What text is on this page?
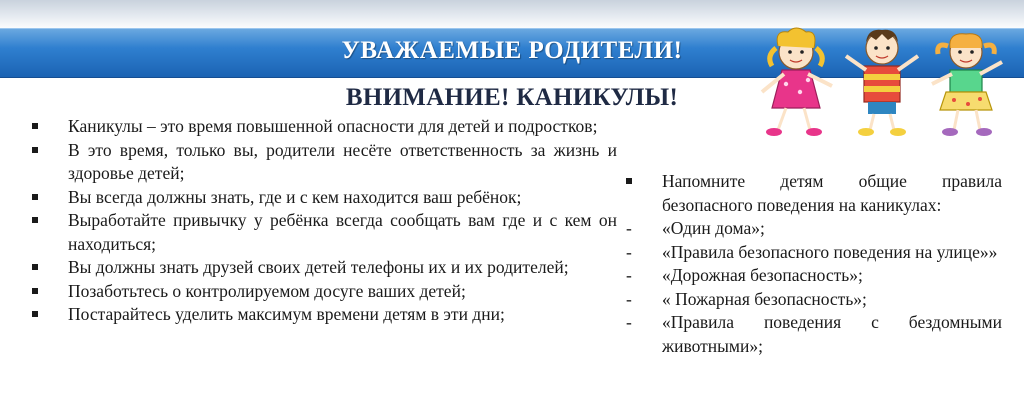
УВАЖАЕМЫЕ РОДИТЕЛИ!
ВНИМАНИЕ! КАНИКУЛЫ!
Каникулы – это время повышенной опасности для детей и подростков;
В это время, только вы, родители несёте ответственность за жизнь и здоровье детей;
Вы всегда должны знать, где и с кем находится ваш ребёнок;
Выработайте привычку у ребёнка всегда сообщать вам где и с кем он находиться;
Вы должны знать друзей своих детей телефоны их и их родителей;
Позаботьтесь о контролируемом досуге ваших детей;
Постарайтесь уделить максимум времени детям в эти дни;
Напомните детям общие правила безопасного поведения на каникулах:
- «Один дома»;
- «Правила безопасного поведения на улице»»
- «Дорожная безопасность»;
- « Пожарная безопасность»;
- «Правила поведения с бездомными животными»;
